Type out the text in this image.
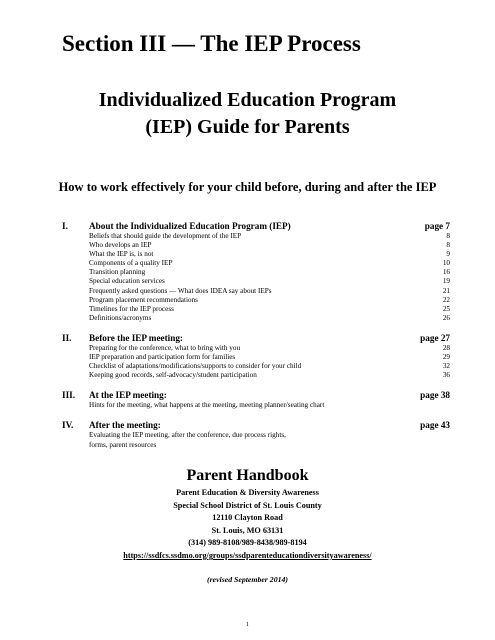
Section III — The IEP Process
Individualized Education Program
(IEP) Guide for Parents
How to work effectively for your child before, during and after the IEP
I.	About the Individualized Education Program (IEP)	page 7
Beliefs that should guide the development of the IEP	8
Who develops an IEP	8
What the IEP is, is not	9
Components of a quality IEP	10
Transition planning	16
Special education services	19
Frequently asked questions — What does IDEA say about IEPs	21
Program placement recommendations	22
Timelines for the IEP process	25
Definitions/acronyms	26
II.	Before the IEP meeting:	page 27
Preparing for the conference, what to bring with you	28
IEP preparation and participation form for families	29
Checklist of adaptations/modifications/supports to consider for your child	32
Keeping good records, self-advocacy/student participation	36
III.	At the IEP meeting:	page 38
Hints for the meeting, what happens at the meeting, meeting planner/seating chart
IV.	After the meeting:	page 43
Evaluating the IEP meeting, after the conference, due process rights,
forms, parent resources
Parent Handbook
Parent Education & Diversity Awareness
Special School District of St. Louis County
12110 Clayton Road
St. Louis, MO 63131
(314) 989-8108/989-8438/989-8194
https://ssdfcs.ssdmo.org/groups/ssdparenteducationdiversityawareness/
(revised September 2014)
1
